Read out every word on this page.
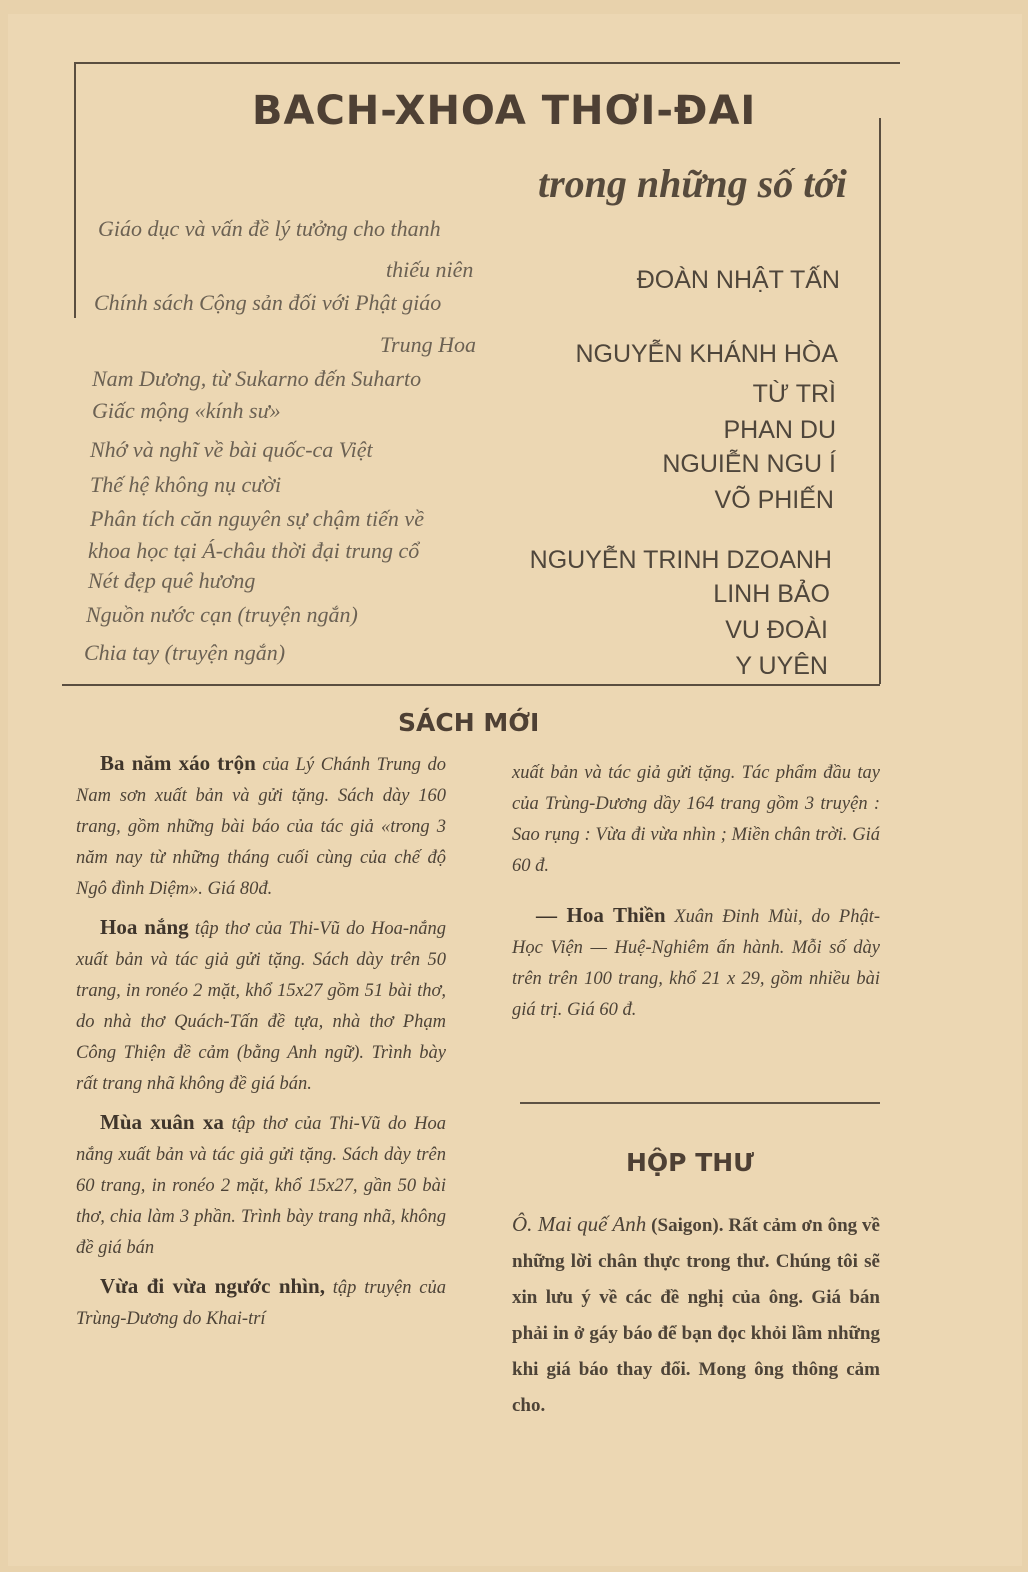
BACH-XHOA THƠI-ĐAI
trong những số tới
Giáo dục và vấn đề lý tưởng cho thanh
thiếu niên
Chính sách Cộng sản đối với Phật giáo
Trung Hoa
Nam Dương, từ Sukarno đến Suharto
Giấc mộng «kính sư»
Nhớ và nghĩ về bài quốc-ca Việt
Thế hệ không nụ cười
Phân tích căn nguyên sự chậm tiến về
khoa học tại Á-châu thời đại trung cổ
Nét đẹp quê hương
Nguồn nước cạn (truyện ngắn)
Chia tay (truyện ngắn)
ĐOÀN NHẬT TẤN
NGUYỄN KHÁNH HÒA
TỪ TRÌ
PHAN DU
NGUIỄN NGU Í
VÕ PHIẾN
NGUYỄN TRINH DZOANH
LINH BẢO
VU ĐOÀI
Y UYÊN
SÁCH MỚI

Ba năm xáo trộn của Lý Chánh Trung do Nam sơn xuất bản và gửi tặng. Sách dày 160 trang, gồm những bài báo của tác giả «trong 3 năm nay từ những tháng cuối cùng của chế độ Ngô đình Diệm». Giá 80đ.

Hoa nắng tập thơ của Thi-Vũ do Hoa-nắng xuất bản và tác giả gửi tặng. Sách dày trên 50 trang, in ronéo 2 mặt, khổ 15x27 gồm 51 bài thơ, do nhà thơ Quách-Tấn đề tựa, nhà thơ Phạm Công Thiện đề cảm (bằng Anh ngữ). Trình bày rất trang nhã không đề giá bán.

Mùa xuân xa tập thơ của Thi-Vũ do Hoa nắng xuất bản và tác giả gửi tặng. Sách dày trên 60 trang, in ronéo 2 mặt, khổ 15x27, gần 50 bài thơ, chia làm 3 phần. Trình bày trang nhã, không đề giá bán

Vừa đi vừa ngước nhìn, tập truyện của Trùng-Dương do Khai-trí

xuất bản và tác giả gửi tặng. Tác phẩm đầu tay của Trùng-Dương dầy 164 trang gồm 3 truyện : Sao rụng : Vừa đi vừa nhìn ; Miền chân trời. Giá 60 đ.

— Hoa Thiền Xuân Đinh Mùi, do Phật-Học Viện — Huệ-Nghiêm ấn hành. Mỗi số dày trên trên 100 trang, khổ 21 x 29, gồm nhiều bài giá trị. Giá 60 đ.

HỘP THƯ

Ô. Mai quế Anh (Saigon). Rất cảm ơn ông về những lời chân thực trong thư. Chúng tôi sẽ xin lưu ý về các đề nghị của ông. Giá bán phải in ở gáy báo để bạn đọc khỏi lầm những khi giá báo thay đổi. Mong ông thông cảm cho.
